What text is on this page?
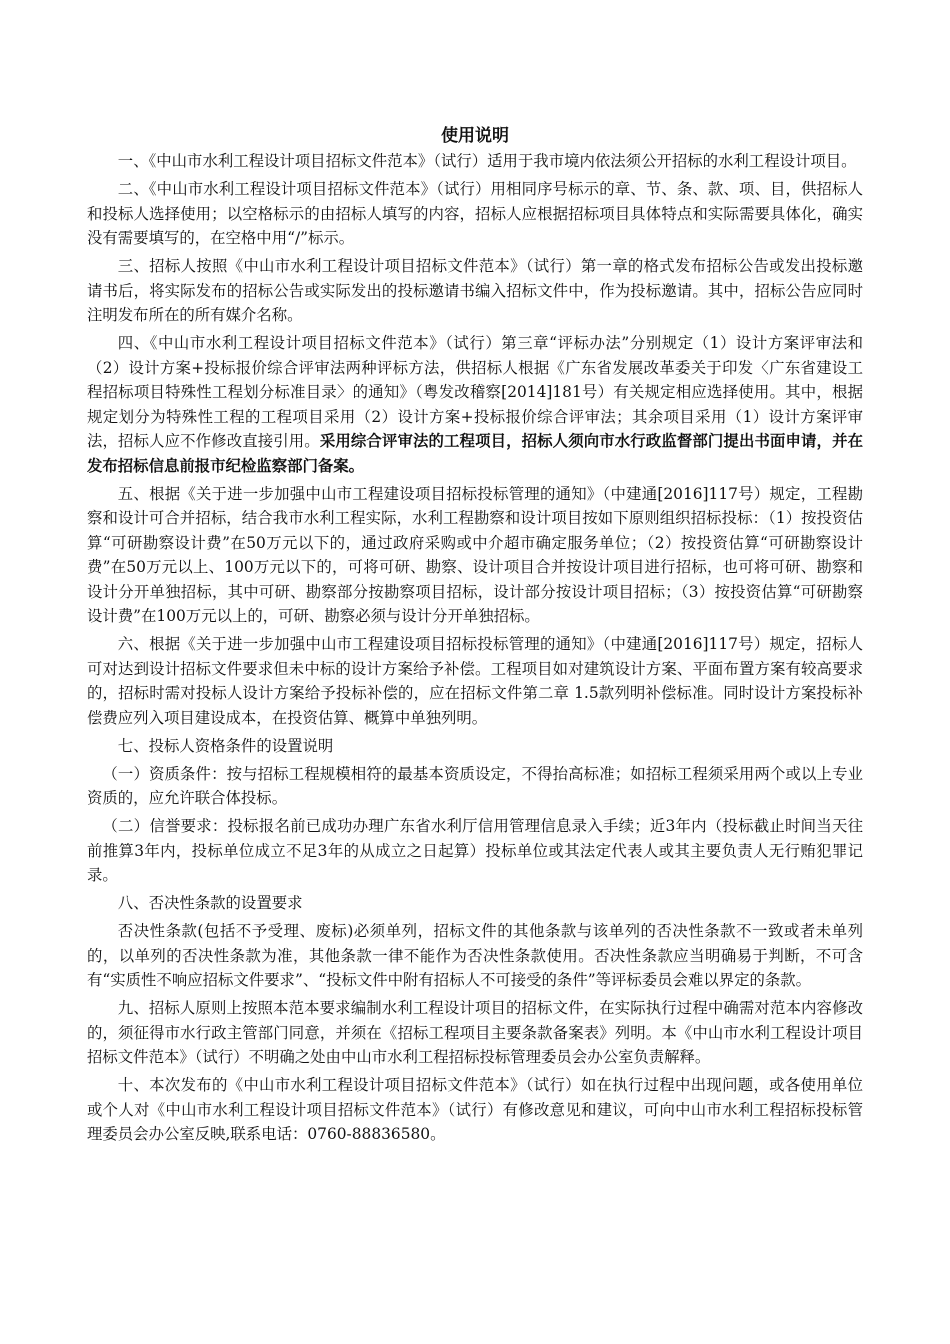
使用说明

一、《中山市水利工程设计项目招标文件范本》（试行）适用于我市境内依法须公开招标的水利工程设计项目。

二、《中山市水利工程设计项目招标文件范本》（试行）用相同序号标示的章、节、条、款、项、目，供招标人和投标人选择使用；以空格标示的由招标人填写的内容，招标人应根据招标项目具体特点和实际需要具体化，确实没有需要填写的，在空格中用“/”标示。

三、招标人按照《中山市水利工程设计项目招标文件范本》（试行）第一章的格式发布招标公告或发出投标邀请书后，将实际发布的招标公告或实际发出的投标邀请书编入招标文件中，作为投标邀请。其中，招标公告应同时注明发布所在的所有媒介名称。

四、《中山市水利工程设计项目招标文件范本》（试行）第三章“评标办法”分别规定（1）设计方案评审法和（2）设计方案+投标报价综合评审法两种评标方法，供招标人根据《广东省发展改革委关于印发〈广东省建设工程招标项目特殊性工程划分标准目录〉的通知》（粤发改稽察[2014]181号）有关规定相应选择使用。其中，根据规定划分为特殊性工程的工程项目采用（2）设计方案+投标报价综合评审法；其余项目采用（1）设计方案评审法，招标人应不作修改直接引用。采用综合评审法的工程项目，招标人须向市水行政监督部门提出书面申请，并在发布招标信息前报市纪检监察部门备案。

五、根据《关于进一步加强中山市工程建设项目招标投标管理的通知》（中建通[2016]117号）规定，工程勘察和设计可合并招标，结合我市水利工程实际，水利工程勘察和设计项目按如下原则组织招标投标：（1）按投资估算“可研勘察设计费”在50万元以下的，通过政府采购或中介超市确定服务单位；（2）按投资估算“可研勘察设计费”在50万元以上、100万元以下的，可将可研、勘察、设计项目合并按设计项目进行招标，也可将可研、勘察和设计分开单独招标，其中可研、勘察部分按勘察项目招标，设计部分按设计项目招标；（3）按投资估算“可研勘察设计费”在100万元以上的，可研、勘察必须与设计分开单独招标。

六、根据《关于进一步加强中山市工程建设项目招标投标管理的通知》（中建通[2016]117号）规定，招标人可对达到设计招标文件要求但未中标的设计方案给予补偿。工程项目如对建筑设计方案、平面布置方案有较高要求的，招标时需对投标人设计方案给予投标补偿的，应在招标文件第二章 1.5款列明补偿标准。同时设计方案投标补偿费应列入项目建设成本，在投资估算、概算中单独列明。

七、投标人资格条件的设置说明

（一）资质条件：按与招标工程规模相符的最基本资质设定，不得抬高标准；如招标工程须采用两个或以上专业资质的，应允许联合体投标。

（二）信誉要求：投标报名前已成功办理广东省水利厅信用管理信息录入手续；近3年内（投标截止时间当天往前推算3年内，投标单位成立不足3年的从成立之日起算）投标单位或其法定代表人或其主要负责人无行贿犯罪记录。

八、否决性条款的设置要求

否决性条款(包括不予受理、废标)必须单列，招标文件的其他条款与该单列的否决性条款不一致或者未单列的，以单列的否决性条款为准，其他条款一律不能作为否决性条款使用。否决性条款应当明确易于判断，不可含有“实质性不响应招标文件要求”、“投标文件中附有招标人不可接受的条件”等评标委员会难以界定的条款。

九、招标人原则上按照本范本要求编制水利工程设计项目的招标文件，在实际执行过程中确需对范本内容修改的，须征得市水行政主管部门同意，并须在《招标工程项目主要条款备案表》列明。本《中山市水利工程设计项目招标文件范本》（试行）不明确之处由中山市水利工程招标投标管理委员会办公室负责解释。

十、本次发布的《中山市水利工程设计项目招标文件范本》（试行）如在执行过程中出现问题，或各使用单位或个人对《中山市水利工程设计项目招标文件范本》（试行）有修改意见和建议，可向中山市水利工程招标投标管理委员会办公室反映,联系电话：0760-88836580。
